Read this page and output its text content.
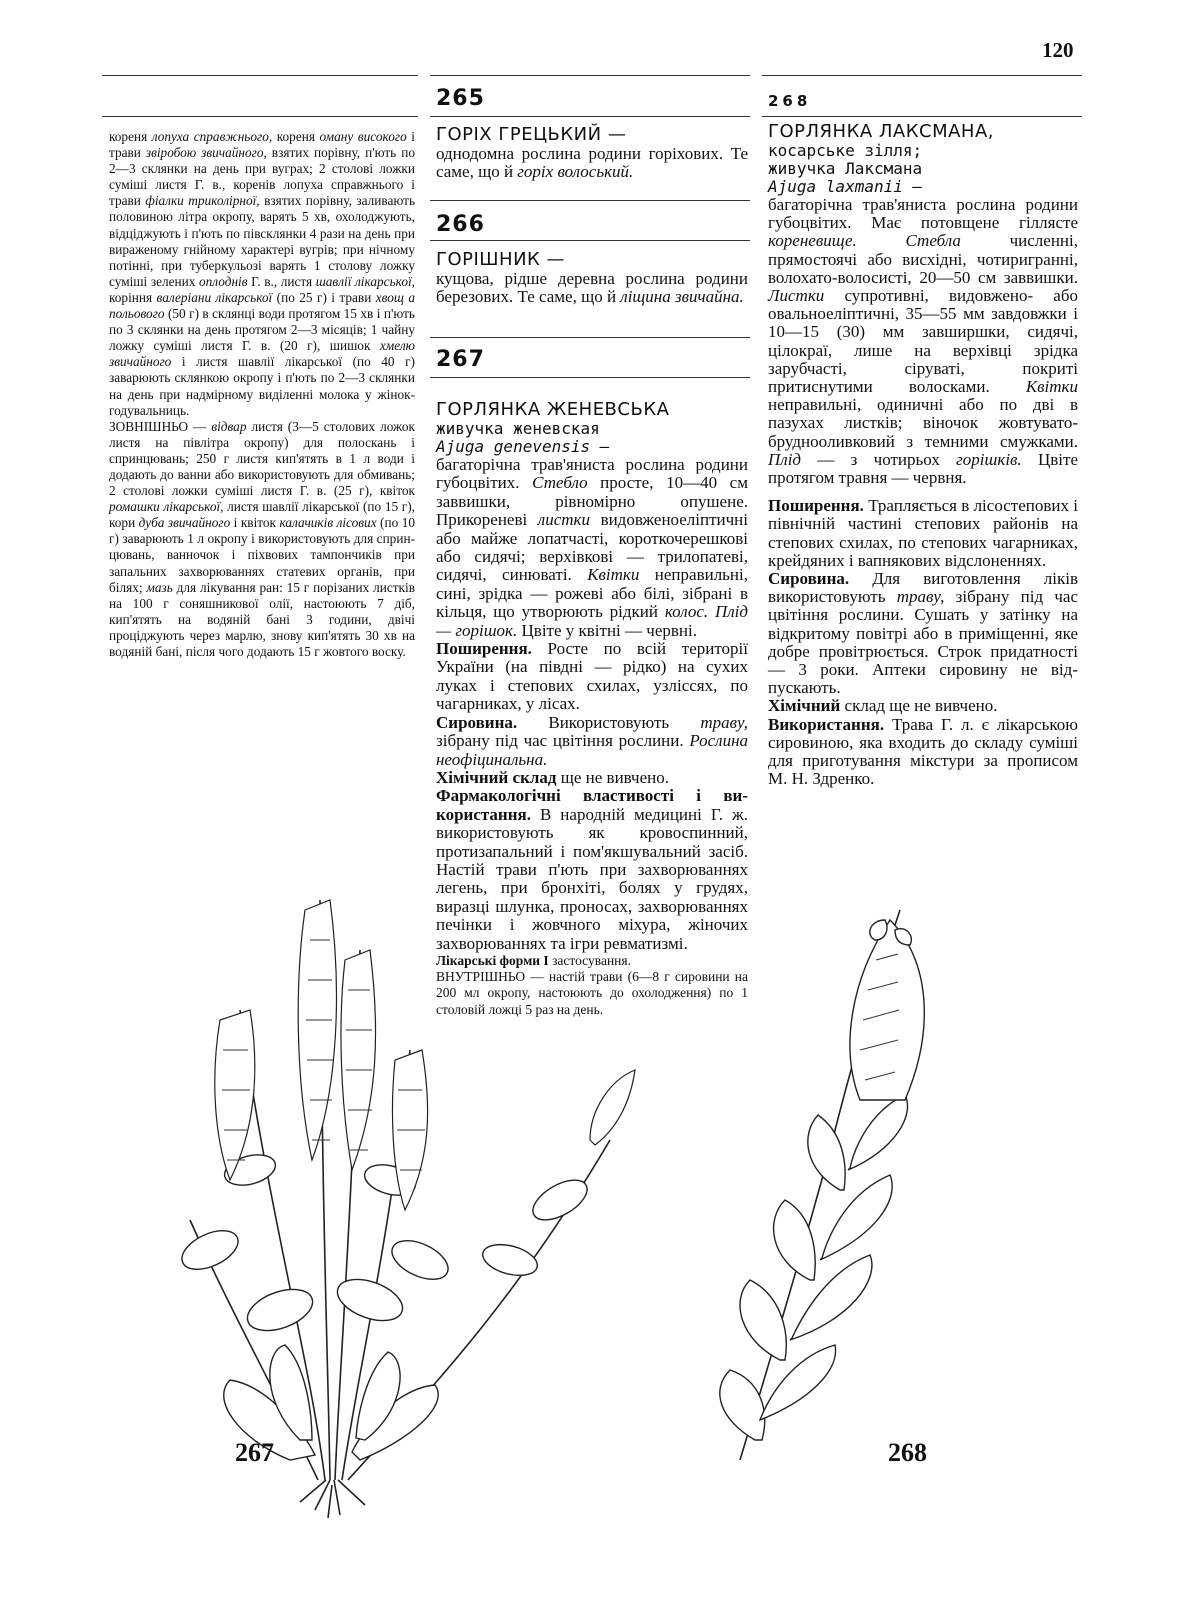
120
265	268
266
267

кореня лопуха справжнього, кореня оману високого і трави звіробою звичайного, взятих порівну, п'ють по 2—3 склянки на день при вуграх; 2 столові ложки суміші листя Г. в., коренів лопуха справжнього і трави фіалки триколірної, взятих порівну, заливають половиною літра окропу, варять 5 хв, охолоджують, відціджують і п'ють по півсклянки 4 рази на день при вираженому гнійному характері вугрів; при нічному потінні, при туберкульозі варять 1 столову ложку суміші зелених оплоднів Г. в., листя шавлії лікарської, коріння валеріани лікарської (по 25 г) і трави хвощ а польового (50 г) в склянці води протягом 15 хв і п'ють по 3 склянки на день протягом 2—3 місяців; 1 чайну ложку суміші листя Г. в. (20 г), шишок хмелю звичайного і листя шавлії лікарської (по 40 г) заварюють склянкою окропу і п'ють по 2—3 склянки на день при надмірному виділенні молока у жінок-годувальниць.

ЗОВНІШНЬО — відвар листя (3—5 столових ложок листя на півлітра окропу) для полоскань і спринцювань; 250 г листя кип'ятять в 1 л води і додають до ванни або використовують для обмивань; 2 столові ложки суміші листя Г. в. (25 г), квіток ромашки лікарської, листя шавлії лікарської (по 15 г), кори дуба звичайного і квіток калачиків лісових (по 10 г) заварюють 1 л окропу і використовують для спринцювань, ванночок і піхвових тампончиків при запальних захворюваннях статевих органів, при білях; мазь для лікування ран: 15 г порізаних листків на 100 г соняшникової олії, настоюють 7 діб, кип'ятять на водяній бані 3 години, двічі проціджують через марлю, знову кип'ятять 30 хв на водяній бані, після чого додають 15 г жовтого воску.

ГОРІХ ГРЕЦЬКИЙ —

однодомна рослина родини горіхових. Те саме, що й горіх волоський.

ГОРІШНИК —

кущова, рідше деревна рослина родини березових. Те саме, що й ліщина звичайна.

ГОРЛЯНКА ЖЕНЕВСЬКА

живучка женевская

Ajuga genevensis —

багаторічна трав'яниста рослина родини губоцвітих. Стебло просте, 10—40 см заввишки, рівномірно опушене. Прикореневі листки видовженоеліптичні або майже лопатчасті, короткочерешкові або сидячі; верхівкові — трилопатеві, сидячі, синюваті. Квітки неправильні, сині, зрідка — рожеві або білі, зібрані в кільця, що утворюють рідкий колос. Плід — горішок. Цвіте у квітні — червні.

Поширення. Росте по всій території України (на півдні — рідко) на сухих луках і степових схилах, узліссях, по чагарниках, у лісах.

Сировина. Використовують траву, зібрану під час цвітіння рослини. Рослина неофіцинальна.

Хімічний склад ще не вивчено.

Фармакологічні властивості і використання. В народній медицині Г. ж. використовують як кровоспинний, протизапальний і пом'якшувальний засіб. Настій трави п'ють при захворюваннях легень, при бронхіті, болях у грудях, виразці шлунка, проносах, захворюваннях печінки і жовчного міхура, жіночих захворюваннях та ігри ревматизмі.

Лікарські форми І застосування.

ВНУТРІШНЬО — настій трави (6—8 г сировини на 200 мл окропу, настоюють до охолодження) по 1 столовій ложці 5 раз на день.

ГОРЛЯНКА ЛАКСМАНА,

косарське зілля;

живучка Лаксмана

Ajuga laxmanii —

багаторічна трав'яниста рослина родини губоцвітих. Має потовщене гіллясте кореневище. Стебла численні, прямостоячі або висхідні, чотиригранні, волохато-волосисті, 20—50 см заввишки. Листки супротивні, видовжено- або овальноеліптичні, 35—55 мм завдовжки і 10—15 (30) мм завширшки, сидячі, цілокраї, лише на верхівці зрідка зарубчасті, сіруваті, покриті притиснутими волосками. Квітки неправильні, одиничні або по дві в пазухах листків; віночок жовтувато-брудноoливковий з темними смужками. Плід — з чотирьох горішків. Цвіте протягом травня — червня.

Поширення. Трапляється в лісостепових і північній частині степових районів на степових схилах, по степових чагарниках, крейдяних і вапнякових відслоненнях.

Сировина. Для виготовлення ліків використовують траву, зібрану під час цвітіння рослини. Сушать у затінку на відкритому повітрі або в приміщенні, яке добре провітрюється. Строк придатності — 3 роки. Аптеки сировину не відпускають.

Хімічний склад ще не вивчено.

Використання. Трава Г. л. є лікарською сировиною, яка входить до складу суміші для приготування мікстури за прописом М. Н. Здренко.

267	268
